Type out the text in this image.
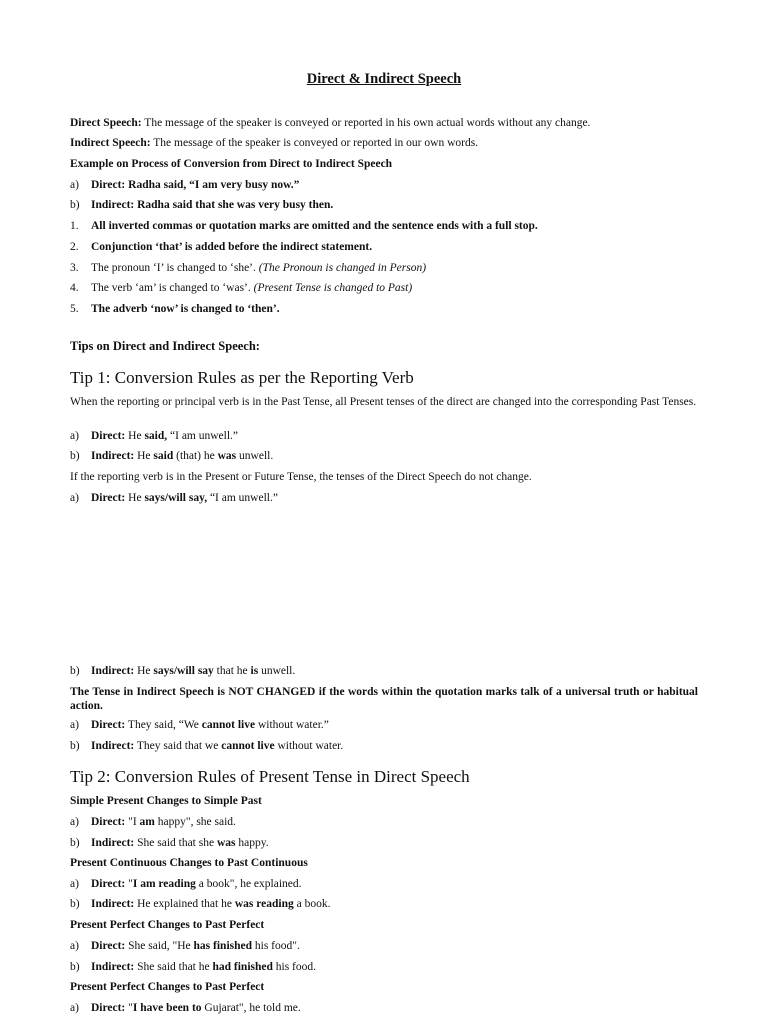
Direct & Indirect Speech
Direct Speech: The message of the speaker is conveyed or reported in his own actual words without any change.
Indirect Speech: The message of the speaker is conveyed or reported in our own words.
Example on Process of Conversion from Direct to Indirect Speech
a) Direct: Radha said, “I am very busy now.”
b) Indirect: Radha said that she was very busy then.
1. All inverted commas or quotation marks are omitted and the sentence ends with a full stop.
2. Conjunction ‘that’ is added before the indirect statement.
3. The pronoun ‘I’ is changed to ‘she’. (The Pronoun is changed in Person)
4. The verb ‘am’ is changed to ‘was’. (Present Tense is changed to Past)
5. The adverb ‘now’ is changed to ‘then’.
Tips on Direct and Indirect Speech:
Tip 1: Conversion Rules as per the Reporting Verb
When the reporting or principal verb is in the Past Tense, all Present tenses of the direct are changed into the corresponding Past Tenses.
a) Direct: He said, “I am unwell.”
b) Indirect: He said (that) he was unwell.
If the reporting verb is in the Present or Future Tense, the tenses of the Direct Speech do not change.
a) Direct: He says/will say, “I am unwell.”
b) Indirect: He says/will say that he is unwell.
The Tense in Indirect Speech is NOT CHANGED if the words within the quotation marks talk of a universal truth or habitual action.
a) Direct: They said, “We cannot live without water.”
b) Indirect: They said that we cannot live without water.
Tip 2: Conversion Rules of Present Tense in Direct Speech
Simple Present Changes to Simple Past
a) Direct: "I am happy", she said.
b) Indirect: She said that she was happy.
Present Continuous Changes to Past Continuous
a) Direct: "I am reading a book", he explained.
b) Indirect: He explained that he was reading a book.
Present Perfect Changes to Past Perfect
a) Direct: She said, "He has finished his food".
b) Indirect: She said that he had finished his food.
Present Perfect Changes to Past Perfect
a) Direct: "I have been to Gujarat", he told me.
